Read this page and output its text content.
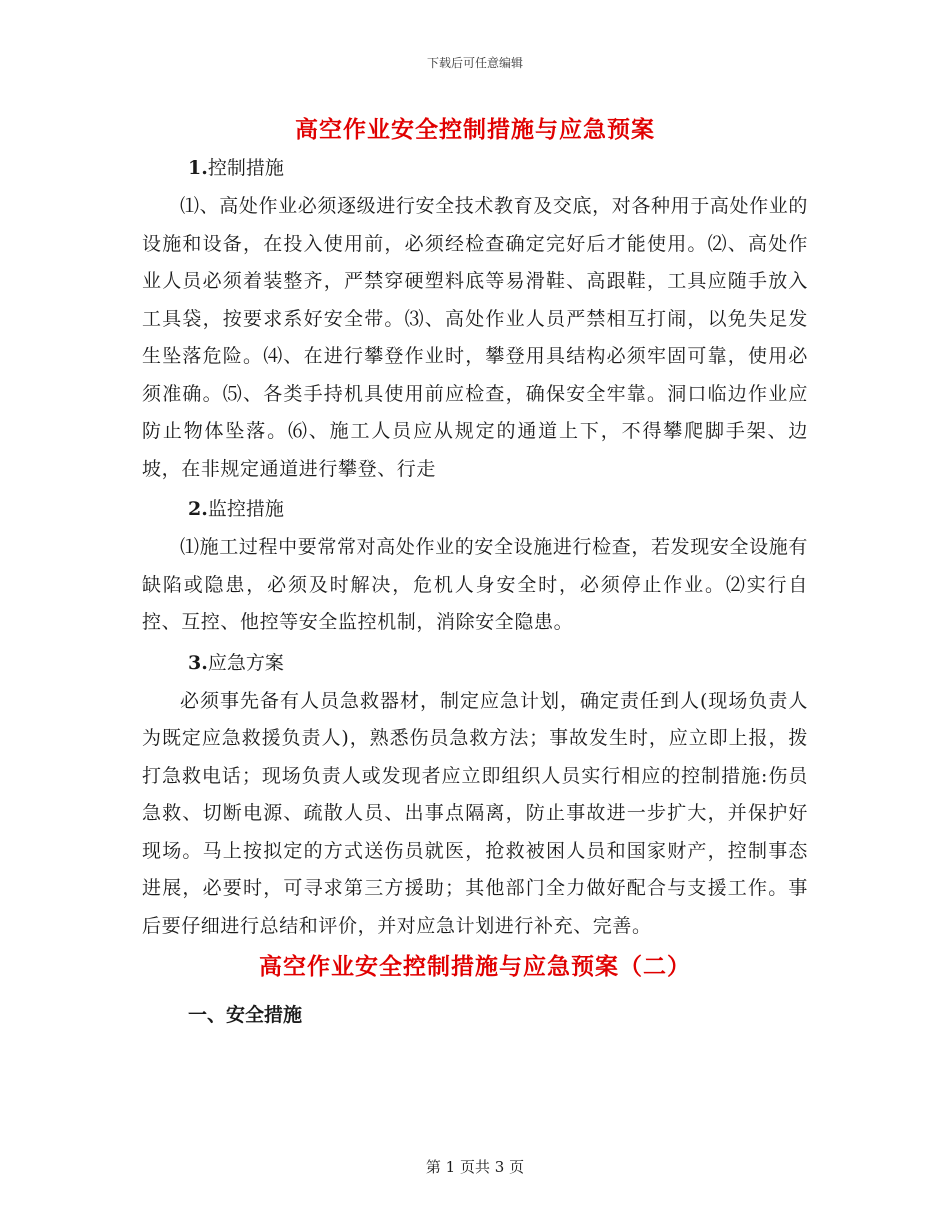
下载后可任意编辑
高空作业安全控制措施与应急预案
1.控制措施

⑴、高处作业必须逐级进行安全技术教育及交底，对各种用于高处作业的设施和设备，在投入使用前，必须经检查确定完好后才能使用。⑵、高处作业人员必须着装整齐，严禁穿硬塑料底等易滑鞋、高跟鞋，工具应随手放入工具袋，按要求系好安全带。⑶、高处作业人员严禁相互打闹，以免失足发生坠落危险。⑷、在进行攀登作业时，攀登用具结构必须牢固可靠，使用必须准确。⑸、各类手持机具使用前应检查，确保安全牢靠。洞口临边作业应防止物体坠落。⑹、施工人员应从规定的通道上下，不得攀爬脚手架、边坡，在非规定通道进行攀登、行走

2.监控措施

⑴施工过程中要常常对高处作业的安全设施进行检查，若发现安全设施有缺陷或隐患，必须及时解决，危机人身安全时，必须停止作业。⑵实行自控、互控、他控等安全监控机制，消除安全隐患。

3.应急方案

必须事先备有人员急救器材，制定应急计划，确定责任到人(现场负责人为既定应急救援负责人)，熟悉伤员急救方法；事故发生时，应立即上报，拨打急救电话；现场负责人或发现者应立即组织人员实行相应的控制措施:伤员急救、切断电源、疏散人员、出事点隔离，防止事故进一步扩大，并保护好现场。马上按拟定的方式送伤员就医，抢救被困人员和国家财产，控制事态进展，必要时，可寻求第三方援助；其他部门全力做好配合与支援工作。事后要仔细进行总结和评价，并对应急计划进行补充、完善。

高空作业安全控制措施与应急预案（二）
一、安全措施
第 1 页共 3 页
